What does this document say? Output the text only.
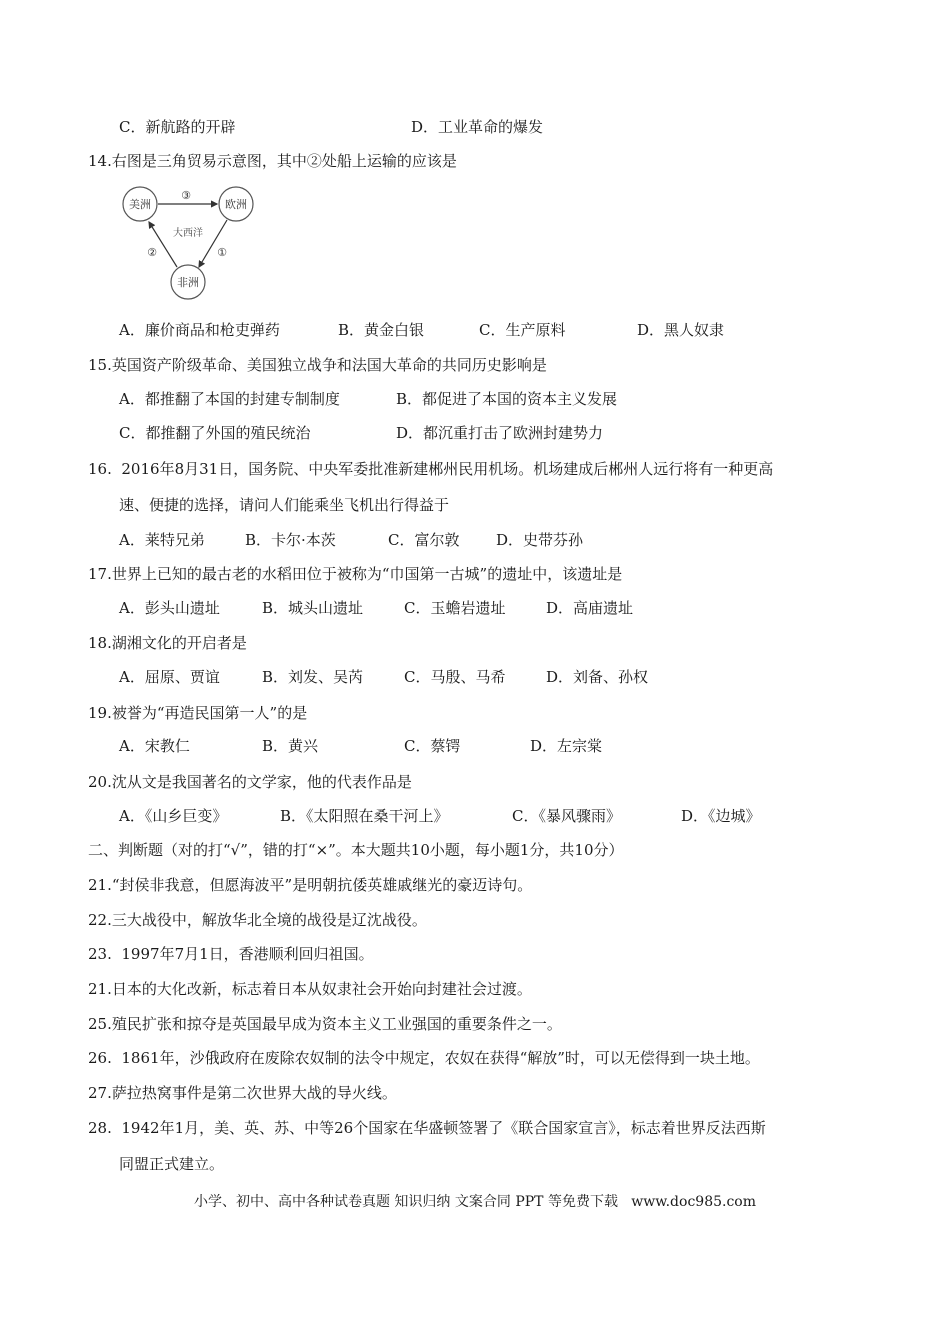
C．新航路的开辟	D．工业革命的爆发
14.右图是三角贸易示意图，其中②处船上运输的应该是
美洲	欧洲
非洲
大西洋
③
①
②
A．廉价商品和枪吏弹药	B．黄金白银	C．生产原料	D．黑人奴隶
15.英国资产阶级革命、美国独立战争和法国大革命的共同历史影响是
A．都推翻了本国的封建专制制度	B．都促进了本国的资本主义发展
C．都推翻了外国的殖民统治	D．都沉重打击了欧洲封建势力
16.  2016年8月31日，国务院、中央军委批准新建郴州民用机场。机场建成后郴州人远行将有一种更高
速、便捷的选择，请问人们能乘坐飞机出行得益于
A．莱特兄弟	B．卡尔·本茨	C．富尔敦 D．史带芬孙
17.世界上已知的最古老的水稻田位于被称为“巾国第一古城”的遗址中，该遗址是
A．彭头山遗址	B．城头山遗址	C．玉蟾岩遗址	D．高庙遗址
18.湖湘文化的开启者是
A．屈原、贾谊	B．刘发、吴芮	C．马殷、马希	D．刘备、孙权
19.被誉为“再造民国第一人”的是
A．宋教仁	B．黄兴	C．蔡锷	D．左宗棠
20.沈从文是我国著名的文学家，他的代表作品是
A．《山乡巨变》	B．《太阳照在桑干河上》	C．《暴风骤雨》	D．《边城》
二、判断题（对的打“√”，错的打“×”。本大题共10小题，每小题1分，共10分）
21.“封侯非我意，但愿海波平”是明朝抗倭英雄戚继光的豪迈诗句。
22.三大战役中，解放华北全境的战役是辽沈战役。
23.  1997年7月1日，香港顺利回归祖国。
21.日本的大化改新，标志着日本从奴隶社会开始向封建社会过渡。
25.殖民扩张和掠夺是英国最早成为资本主义工业强国的重要条件之一。
26.  1861年，沙俄政府在废除农奴制的法令中规定，农奴在获得“解放”时，可以无偿得到一块土地。
27.萨拉热窝事件是第二次世界大战的导火线。
28.  1942年1月，美、英、苏、中等26个国家在华盛顿签署了《联合国家宣言》，标志着世界反法西斯
同盟正式建立。
小学、初中、高中各种试卷真题 知识归纳 文案合同 PPT 等免费下载   www.doc985.com
